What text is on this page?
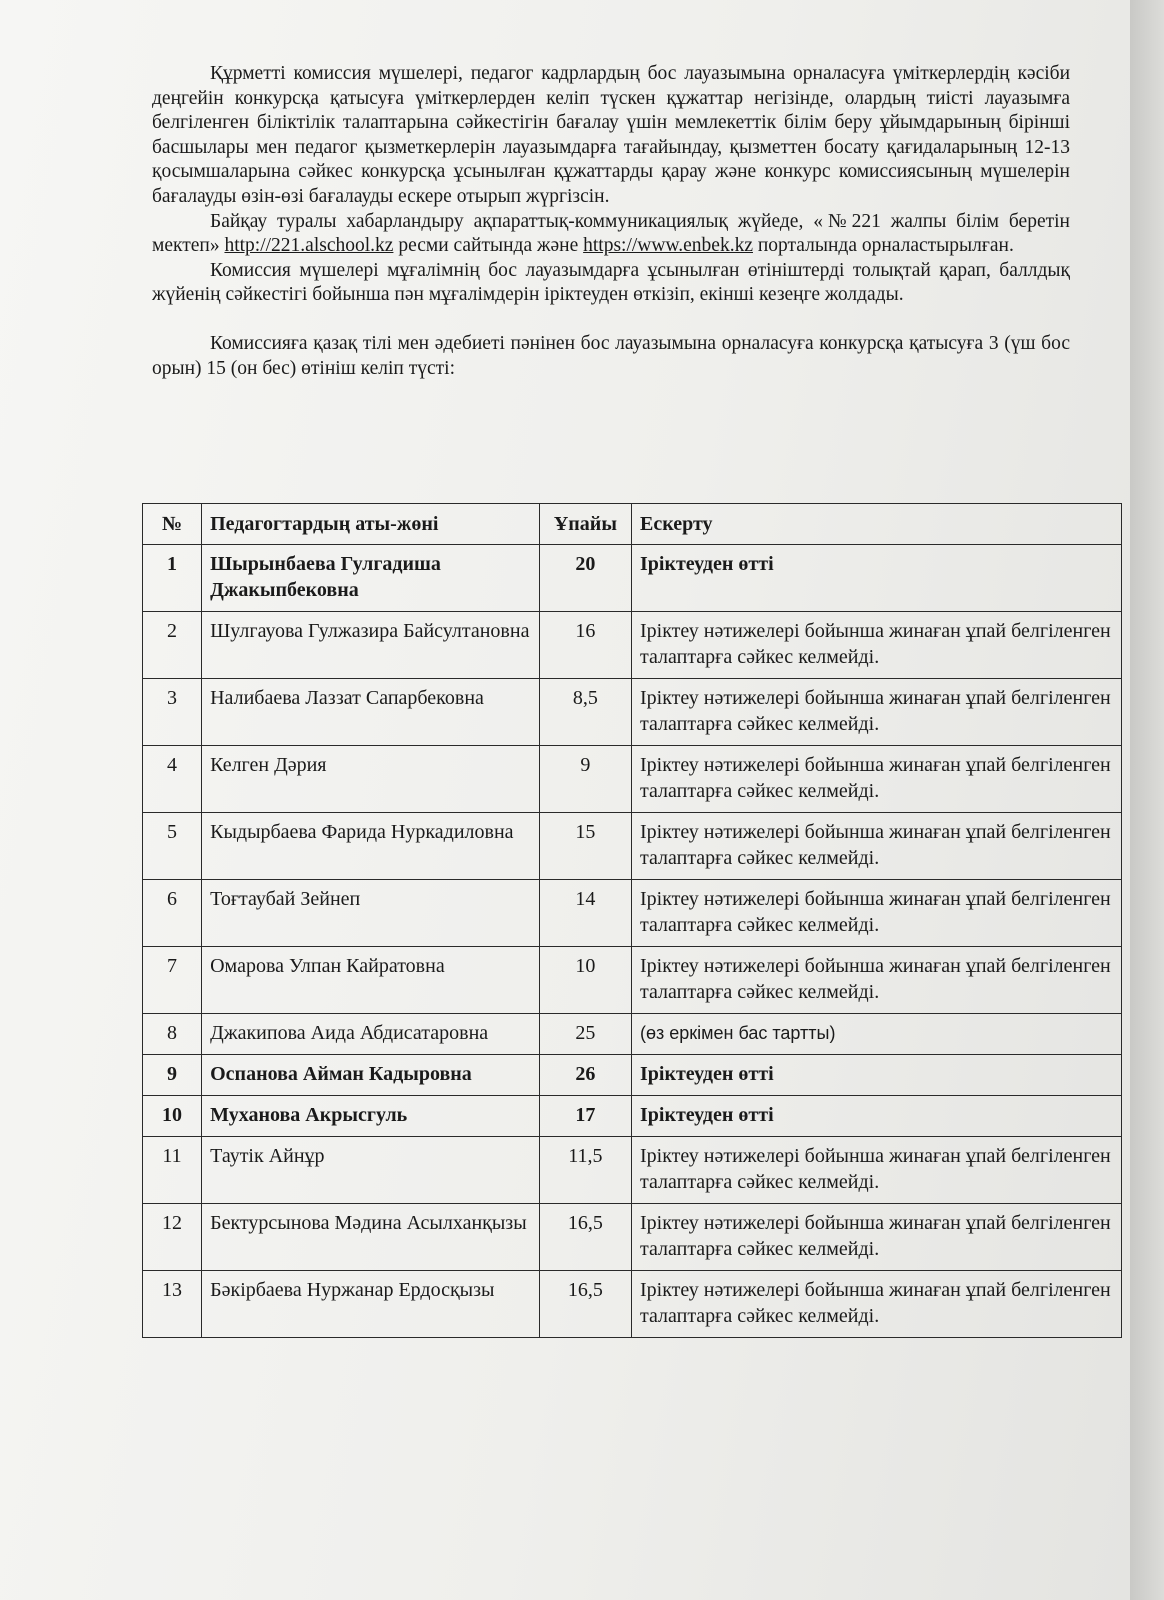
Құрметті комиссия мүшелері, педагог кадрлардың бос лауазымына орналасуға үміткерлердің кәсіби деңгейін конкурсқа қатысуға үміткерлерден келіп түскен құжаттар негізінде, олардың тиісті лауазымға белгіленген біліктілік талаптарына сәйкестігін бағалау үшін мемлекеттік білім беру ұйымдарының бірінші басшылары мен педагог қызметкерлерін лауазымдарға тағайындау, қызметтен босату қағидаларының 12-13 қосымшаларына сәйкес конкурсқа ұсынылған құжаттарды қарау және конкурс комиссиясының мүшелерін бағалауды өзін-өзі бағалауды ескере отырып жүргізсін.

Байқау туралы хабарландыру ақпараттық-коммуникациялық жүйеде, «№221 жалпы білім беретін мектеп» http://221.alschool.kz ресми сайтында және https://www.enbek.kz порталында орналастырылған.

Комиссия мүшелері мұғалімнің бос лауазымдарға ұсынылған өтініштерді толықтай қарап, баллдық жүйенің сәйкестігі бойынша пән мұғалімдерін іріктеуден өткізіп, екінші кезеңге жолдады.

Комиссияға қазақ тілі мен әдебиеті пәнінен бос лауазымына орналасуға конкурсқа қатысуға 3 (үш бос орын) 15 (он бес) өтініш келіп түсті:

№	Педагогтардың аты-жөні	Ұпайы	Ескерту
1	Шырынбаева Гулгадиша Джакыпбековна	20	Іріктеуден өтті
2	Шулгауова Гулжазира Байсултановна	16	Іріктеу нәтижелері бойынша жинаған ұпай белгіленген талаптарға сәйкес келмейді.
3	Налибаева Лаззат Сапарбековна	8,5	Іріктеу нәтижелері бойынша жинаған ұпай белгіленген талаптарға сәйкес келмейді.
4	Келген Дәрия	9	Іріктеу нәтижелері бойынша жинаған ұпай белгіленген талаптарға сәйкес келмейді.
5	Кыдырбаева Фарида Нуркадиловна	15	Іріктеу нәтижелері бойынша жинаған ұпай белгіленген талаптарға сәйкес келмейді.
6	Тоғтаубай Зейнеп	14	Іріктеу нәтижелері бойынша жинаған ұпай белгіленген талаптарға сәйкес келмейді.
7	Омарова Улпан Кайратовна	10	Іріктеу нәтижелері бойынша жинаған ұпай белгіленген талаптарға сәйкес келмейді.
8	Джакипова Аида Абдисатаровна	25	(өз еркімен бас тартты)
9	Оспанова Айман Кадыровна	26	Іріктеуден өтті
10	Муханова Акрысгуль	17	Іріктеуден өтті
11	Таутік Айнұр	11,5	Іріктеу нәтижелері бойынша жинаған ұпай белгіленген талаптарға сәйкес келмейді.
12	Бектурсынова Мәдина Асылханқызы	16,5	Іріктеу нәтижелері бойынша жинаған ұпай белгіленген талаптарға сәйкес келмейді.
13	Бәкірбаева Нуржанар Ердосқызы	16,5	Іріктеу нәтижелері бойынша жинаған ұпай белгіленген талаптарға сәйкес келмейді.
